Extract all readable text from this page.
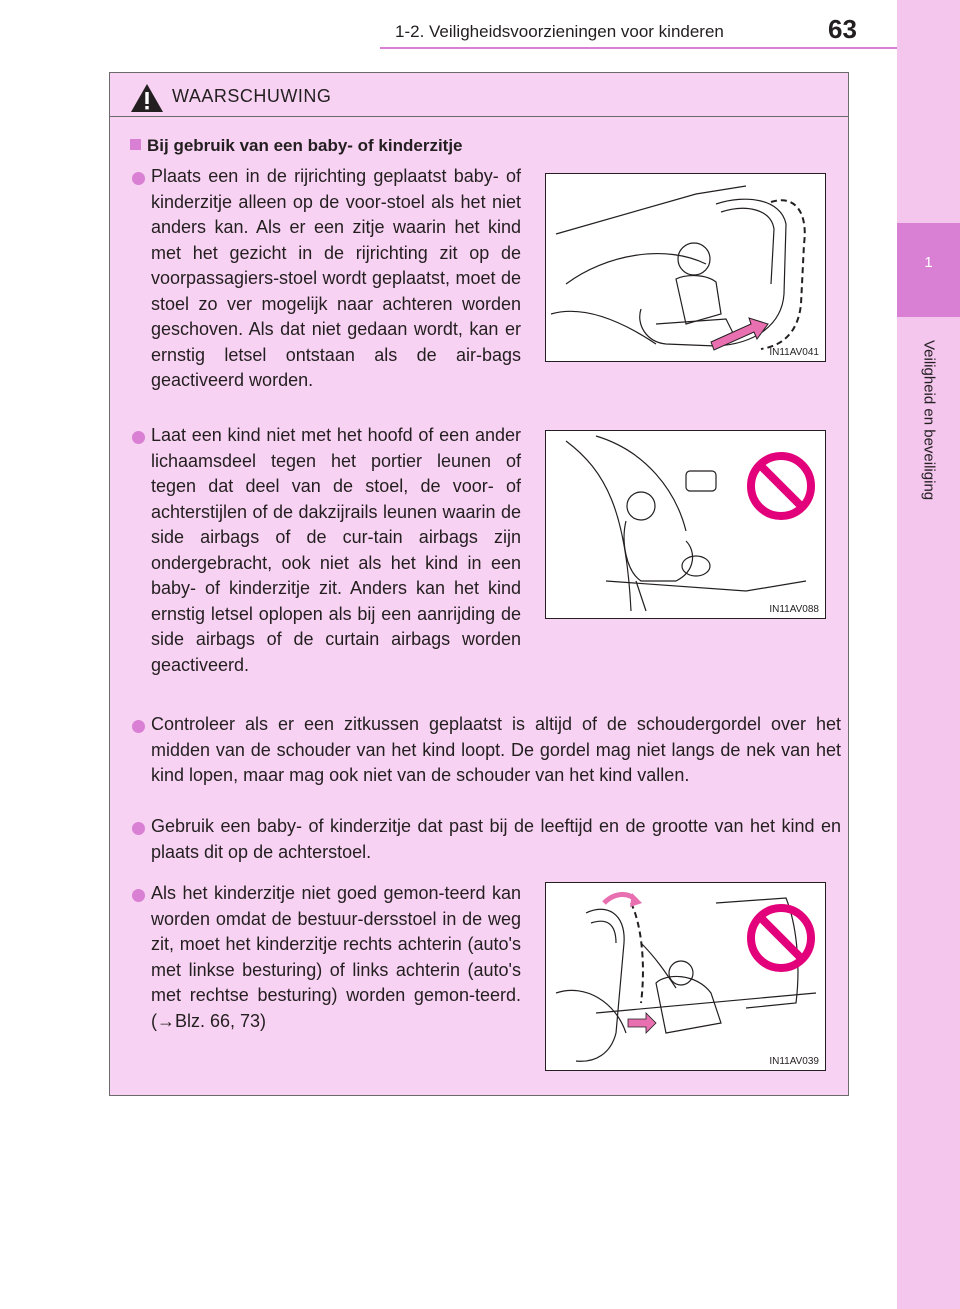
1
Veiligheid en beveiliging
1-2. Veiligheidsvoorzieningen voor kinderen	63
WAARSCHUWING
Bij gebruik van een baby- of kinderzitje
Plaats een in de rijrichting geplaatst baby- of kinderzitje alleen op de voor-stoel als het niet anders kan. Als er een zitje waarin het kind met het gezicht in de rijrichting zit op de voorpassagiers-stoel wordt geplaatst, moet de stoel zo ver mogelijk naar achteren worden geschoven. Als dat niet gedaan wordt, kan er ernstig letsel ontstaan als de air-bags geactiveerd worden.
IN11AV041
Laat een kind niet met het hoofd of een ander lichaamsdeel tegen het portier leunen of tegen dat deel van de stoel, de voor- of achterstijlen of de dakzijrails leunen waarin de side airbags of de cur-tain airbags zijn ondergebracht, ook niet als het kind in een baby- of kinderzitje zit. Anders kan het kind ernstig letsel oplopen als bij een aanrijding de side airbags of de curtain airbags worden geactiveerd.
IN11AV088
Controleer als er een zitkussen geplaatst is altijd of de schoudergordel over het midden van de schouder van het kind loopt. De gordel mag niet langs de nek van het kind lopen, maar mag ook niet van de schouder van het kind vallen.
Gebruik een baby- of kinderzitje dat past bij de leeftijd en de grootte van het kind en plaats dit op de achterstoel.
Als het kinderzitje niet goed gemon-teerd kan worden omdat de bestuur-dersstoel in de weg zit, moet het kinderzitje rechts achterin (auto's met linkse besturing) of links achterin (auto's met rechtse besturing) worden gemon-teerd. (→Blz. 66, 73)
IN11AV039
